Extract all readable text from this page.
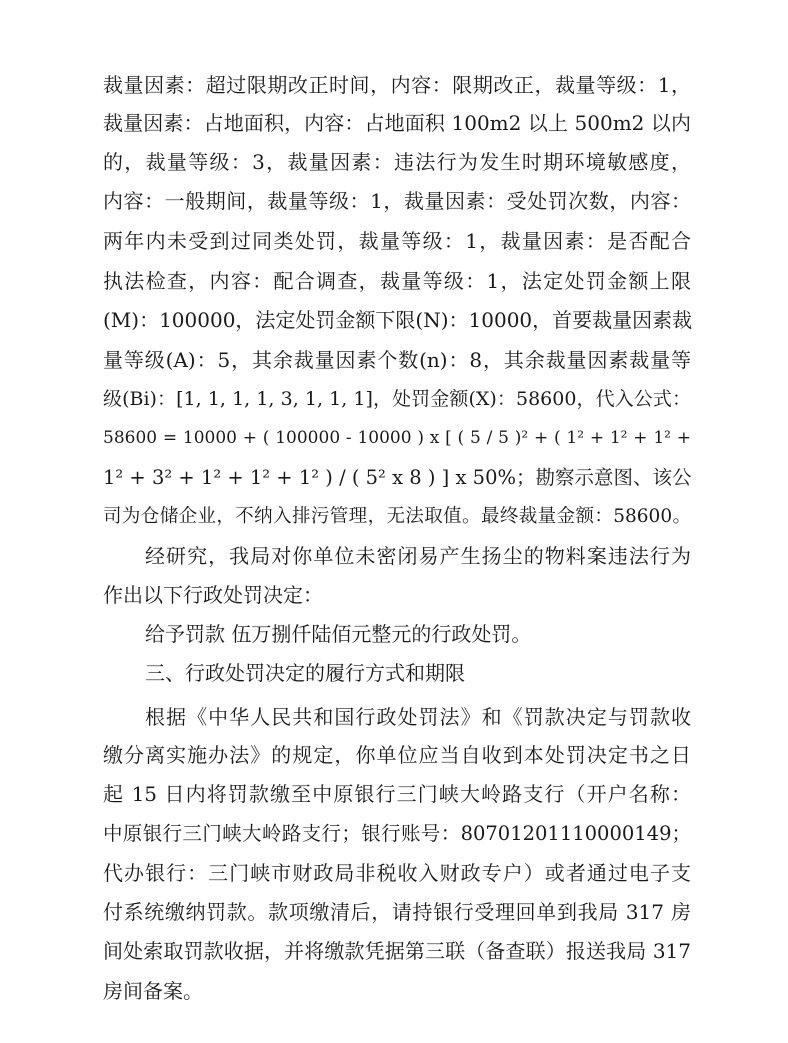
裁量因素：超过限期改正时间，内容：限期改正，裁量等级：1，
裁量因素：占地面积，内容：占地面积 100m2 以上 500m2 以内
的，裁量等级：3，裁量因素：违法行为发生时期环境敏感度，
内容：一般期间，裁量等级：1，裁量因素：受处罚次数，内容：
两年内未受到过同类处罚，裁量等级：1，裁量因素：是否配合
执法检查，内容：配合调查，裁量等级：1，法定处罚金额上限
(M)：100000，法定处罚金额下限(N)：10000，首要裁量因素裁
量等级(A)：5，其余裁量因素个数(n)：8，其余裁量因素裁量等
级(Bi)：[1, 1, 1, 1, 3, 1, 1, 1]，处罚金额(X)：58600，代入公式：
58600 = 10000 + ( 100000 - 10000 ) x [ ( 5 / 5 )² + ( 1² + 1² + 1² +
1² + 3² + 1² + 1² + 1² ) / ( 5² x 8 ) ] x 50%；勘察示意图、该公
司为仓储企业，不纳入排污管理，无法取值。最终裁量金额：58600。
经研究，我局对你单位未密闭易产生扬尘的物料案违法行为
作出以下行政处罚决定：
给予罚款 伍万捌仟陆佰元整元的行政处罚。
三、行政处罚决定的履行方式和期限
根据《中华人民共和国行政处罚法》和《罚款决定与罚款收
缴分离实施办法》的规定，你单位应当自收到本处罚决定书之日
起 15 日内将罚款缴至中原银行三门峡大岭路支行（开户名称：
中原银行三门峡大岭路支行；银行账号：80701201110000149；
代办银行：三门峡市财政局非税收入财政专户）或者通过电子支
付系统缴纳罚款。款项缴清后，请持银行受理回单到我局 317 房
间处索取罚款收据，并将缴款凭据第三联（备查联）报送我局 317
房间备案。
